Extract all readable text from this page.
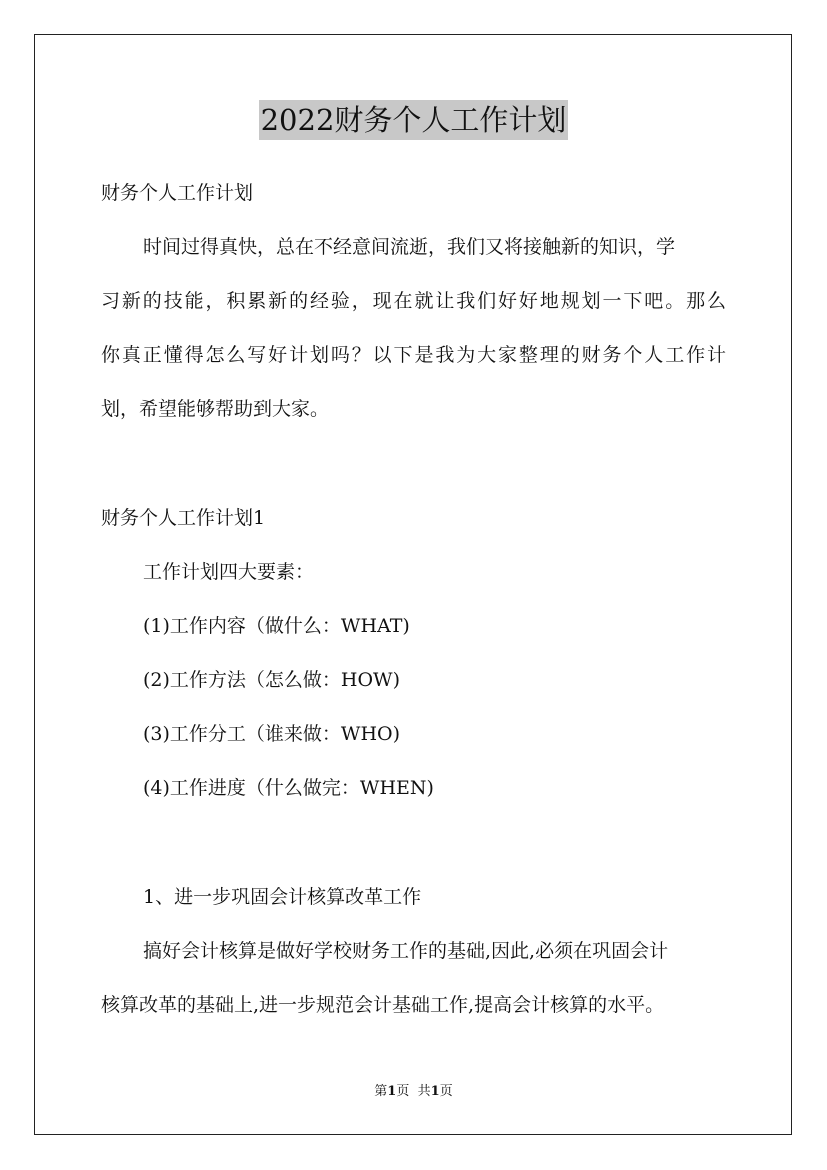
2022财务个人工作计划
财务个人工作计划
时间过得真快，总在不经意间流逝，我们又将接触新的知识，学
习新的技能，积累新的经验，现在就让我们好好地规划一下吧。那么
你真正懂得怎么写好计划吗？以下是我为大家整理的财务个人工作计
划，希望能够帮助到大家。
财务个人工作计划1
工作计划四大要素：
(1)工作内容（做什么：WHAT)
(2)工作方法（怎么做：HOW)
(3)工作分工（谁来做：WHO)
(4)工作进度（什么做完：WHEN)
1、进一步巩固会计核算改革工作
搞好会计核算是做好学校财务工作的基础,因此,必须在巩固会计
核算改革的基础上,进一步规范会计基础工作,提高会计核算的水平。
第1页 共1页
